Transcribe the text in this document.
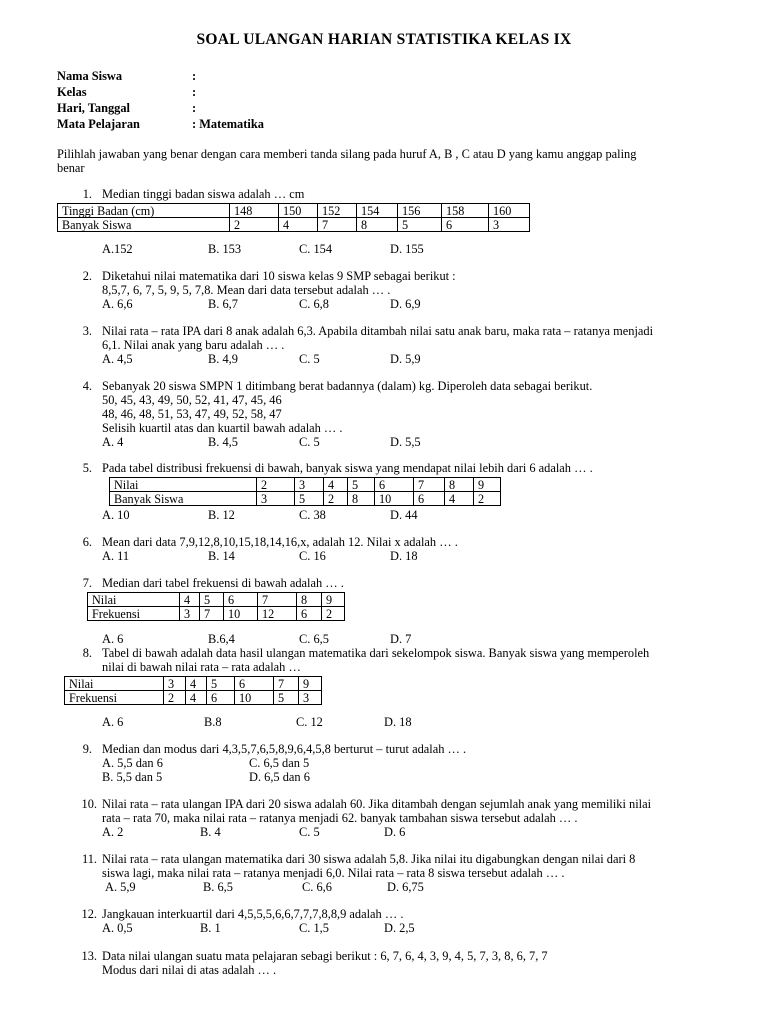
SOAL ULANGAN HARIAN STATISTIKA KELAS IX
Nama Siswa	:
Kelas	:
Hari, Tanggal	:
Mata Pelajaran	: Matematika
Pilihlah jawaban yang benar dengan cara memberi tanda silang pada huruf A, B , C atau D yang kamu anggap paling
benar
1. Median tinggi badan siswa adalah … cm
Tinggi Badan (cm)	148	150	152	154	156	158	160
Banyak Siswa	2	4	7	8	5	6	3
A.152	B. 153	C. 154	D. 155
2. Diketahui nilai matematika dari 10 siswa kelas 9 SMP sebagai berikut :
8,5,7, 6, 7, 5, 9, 5, 7,8. Mean dari data tersebut adalah … .
A. 6,6	B. 6,7	C. 6,8	D. 6,9
3. Nilai rata – rata IPA dari 8 anak adalah 6,3. Apabila ditambah nilai satu anak baru, maka rata – ratanya menjadi
6,1. Nilai anak yang baru adalah … .
A. 4,5	B. 4,9	C. 5	D. 5,9
4. Sebanyak 20 siswa SMPN 1 ditimbang berat badannya (dalam) kg. Diperoleh data sebagai berikut.
50, 45, 43, 49, 50, 52, 41, 47, 45, 46
48, 46, 48, 51, 53, 47, 49, 52, 58, 47
Selisih kuartil atas dan kuartil bawah adalah … .
A. 4	B. 4,5	C. 5	D. 5,5
5. Pada tabel distribusi frekuensi di bawah, banyak siswa yang mendapat nilai lebih dari 6 adalah … .
Nilai	2	3	4	5	6	7	8	9
Banyak Siswa	3	5	2	8	10	6	4	2
A. 10	B. 12	C. 38	D. 44
6. Mean dari data 7,9,12,8,10,15,18,14,16,x, adalah 12. Nilai x adalah … .
A. 11	B. 14	C. 16	D. 18
7. Median dari tabel frekuensi di bawah adalah … .
Nilai	4	5	6	7	8	9
Frekuensi	3	7	10	12	6	2
A. 6	B.6,4	C. 6,5	D. 7
8. Tabel di bawah adalah data hasil ulangan matematika dari sekelompok siswa. Banyak siswa yang memperoleh
nilai di bawah nilai rata – rata adalah …
Nilai	3	4	5	6	7	9
Frekuensi	2	4	6	10	5	3
A. 6	B.8	C. 12	D. 18
9. Median dan modus dari 4,3,5,7,6,5,8,9,6,4,5,8 berturut – turut adalah … .
A. 5,5 dan 6	C. 6,5 dan 5
B. 5,5 dan 5	D. 6,5 dan 6
10. Nilai rata – rata ulangan IPA dari 20 siswa adalah 60. Jika ditambah dengan sejumlah anak yang memiliki nilai
rata – rata 70, maka nilai rata – ratanya menjadi 62. banyak tambahan siswa tersebut adalah … .
A. 2	B. 4	C. 5	D. 6
11. Nilai rata – rata ulangan matematika dari 30 siswa adalah 5,8. Jika nilai itu digabungkan dengan nilai dari 8
siswa lagi, maka nilai rata – ratanya menjadi 6,0. Nilai rata – rata 8 siswa tersebut adalah … .
A. 5,9	B. 6,5	C. 6,6	D. 6,75
12. Jangkauan interkuartil dari 4,5,5,5,6,6,7,7,7,8,8,9 adalah … .
A. 0,5	B. 1	C. 1,5	D. 2,5
13. Data nilai ulangan suatu mata pelajaran sebagi berikut : 6, 7, 6, 4, 3, 9, 4, 5, 7, 3, 8, 6, 7, 7
Modus dari nilai di atas adalah … .
